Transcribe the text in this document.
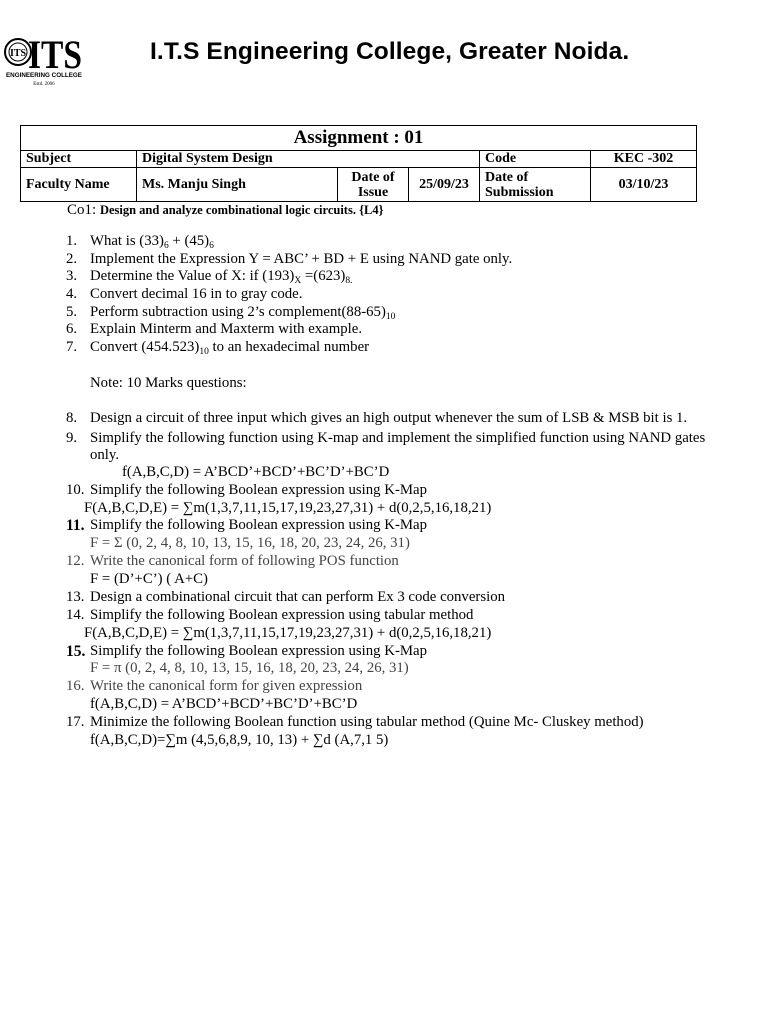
ITS ITS
ENGINEERING COLLEGE
Estd. 2006
I.T.S Engineering College, Greater Noida.
Assignment : 01					
Subject	Digital System Design			Code	KEC -302
Faculty Name	Ms. Manju Singh	Date of Issue	25/09/23	Date of Submission	03/10/23
Co1: Design and analyze combinational logic circuits. {L4}
1. What is $(33)_6 + (45)_6$
2. Implement the Expression Y = ABC’ + BD + E using NAND gate only.
3. Determine the Value of X: if $(193)_X =(623)_{8.}$
4. Convert decimal 16 in to gray code.
5. Perform subtraction using 2’s $complement(88-65)_{10}$
6. Explain Minterm and Maxterm with example.
7. Convert $(454.523)_{10}$ to an hexadecimal number
Note: 10 Marks questions:
8. Design a circuit of three input which gives an high output whenever the sum of LSB & MSB bit is 1.
9. Simplify the following function using K-map and implement the simplified function using NAND gates
only.
f(A,B,C,D) = A’BCD’+BCD’+BC’D’+BC’D
10. Simplify the following Boolean expression using K-Map
F(A,B,C,D,E) = ∑m(1,3,7,11,15,17,19,23,27,31) + d(0,2,5,16,18,21)
11. Simplify the following Boolean expression using K-Map
F = Σ (0, 2, 4, 8, 10, 13, 15, 16, 18, 20, 23, 24, 26, 31)
12. Write the canonical form of following POS function
F = (D’+C’) ( A+C)
13. Design a combinational circuit that can perform Ex 3 code conversion
14. Simplify the following Boolean expression using tabular method
F(A,B,C,D,E) = ∑m(1,3,7,11,15,17,19,23,27,31) + d(0,2,5,16,18,21)
15. Simplify the following Boolean expression using K-Map
F = π (0, 2, 4, 8, 10, 13, 15, 16, 18, 20, 23, 24, 26, 31)
16. Write the canonical form for given expression
f(A,B,C,D) = A’BCD’+BCD’+BC’D’+BC’D
17. Minimize the following Boolean function using tabular method (Quine Mc- Cluskey method)
f(A,B,C,D)=∑m (4,5,6,8,9, 10, 13) + ∑d (A,7,1 5)
